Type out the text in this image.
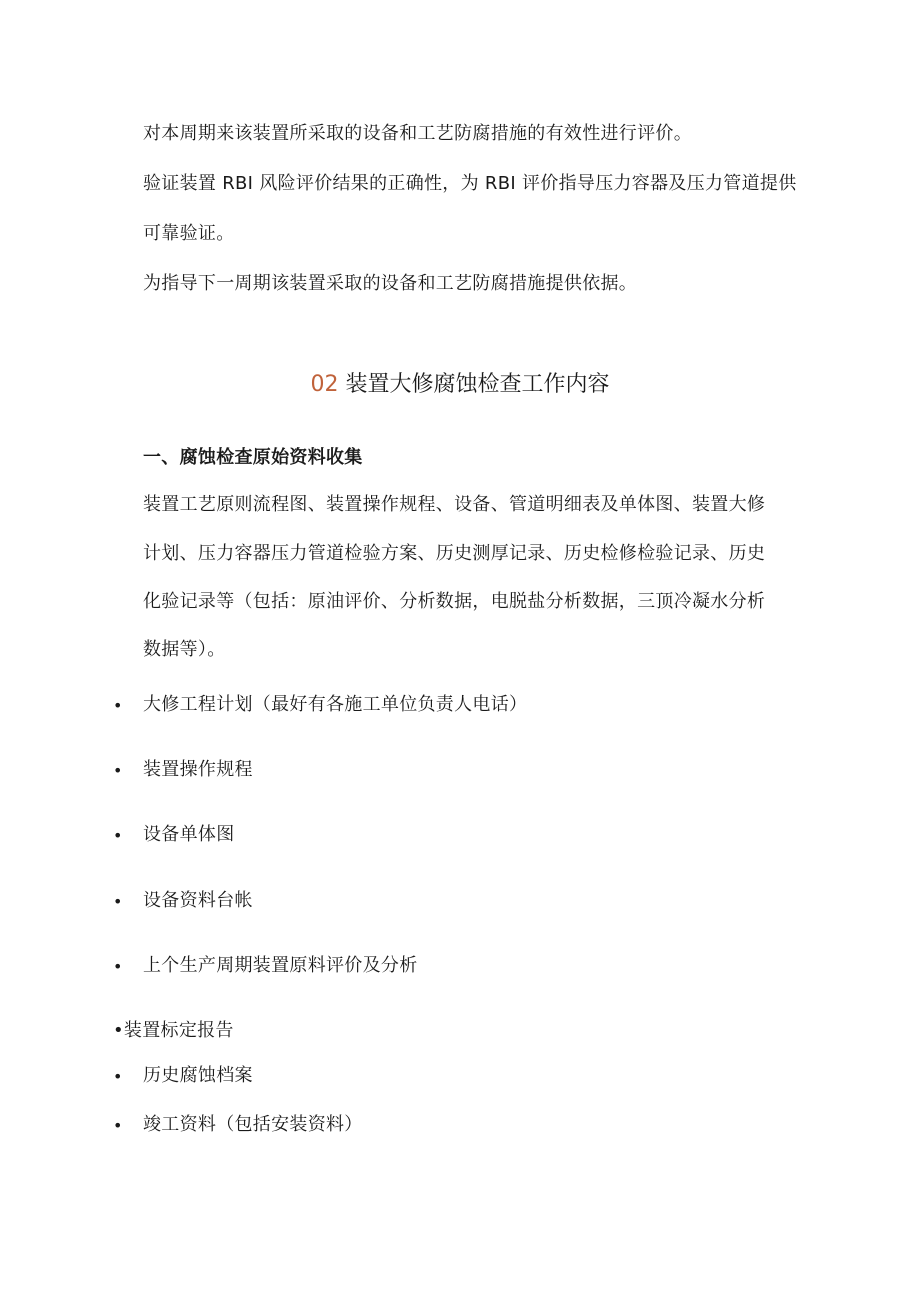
对本周期来该装置所采取的设备和工艺防腐措施的有效性进行评价。
验证装置 RBI 风险评价结果的正确性，为 RBI 评价指导压力容器及压力管道提供
可靠验证。
为指导下一周期该装置采取的设备和工艺防腐措施提供依据。
02 装置大修腐蚀检查工作内容
一、腐蚀检查原始资料收集
装置工艺原则流程图、装置操作规程、设备、管道明细表及单体图、装置大修
计划、压力容器压力管道检验方案、历史测厚记录、历史检修检验记录、历史
化验记录等（包括：原油评价、分析数据，电脱盐分析数据，三顶冷凝水分析
数据等）。
• 大修工程计划（最好有各施工单位负责人电话）
• 装置操作规程
• 设备单体图
• 设备资料台帐
• 上个生产周期装置原料评价及分析
•装置标定报告
• 历史腐蚀档案
• 竣工资料（包括安装资料）
